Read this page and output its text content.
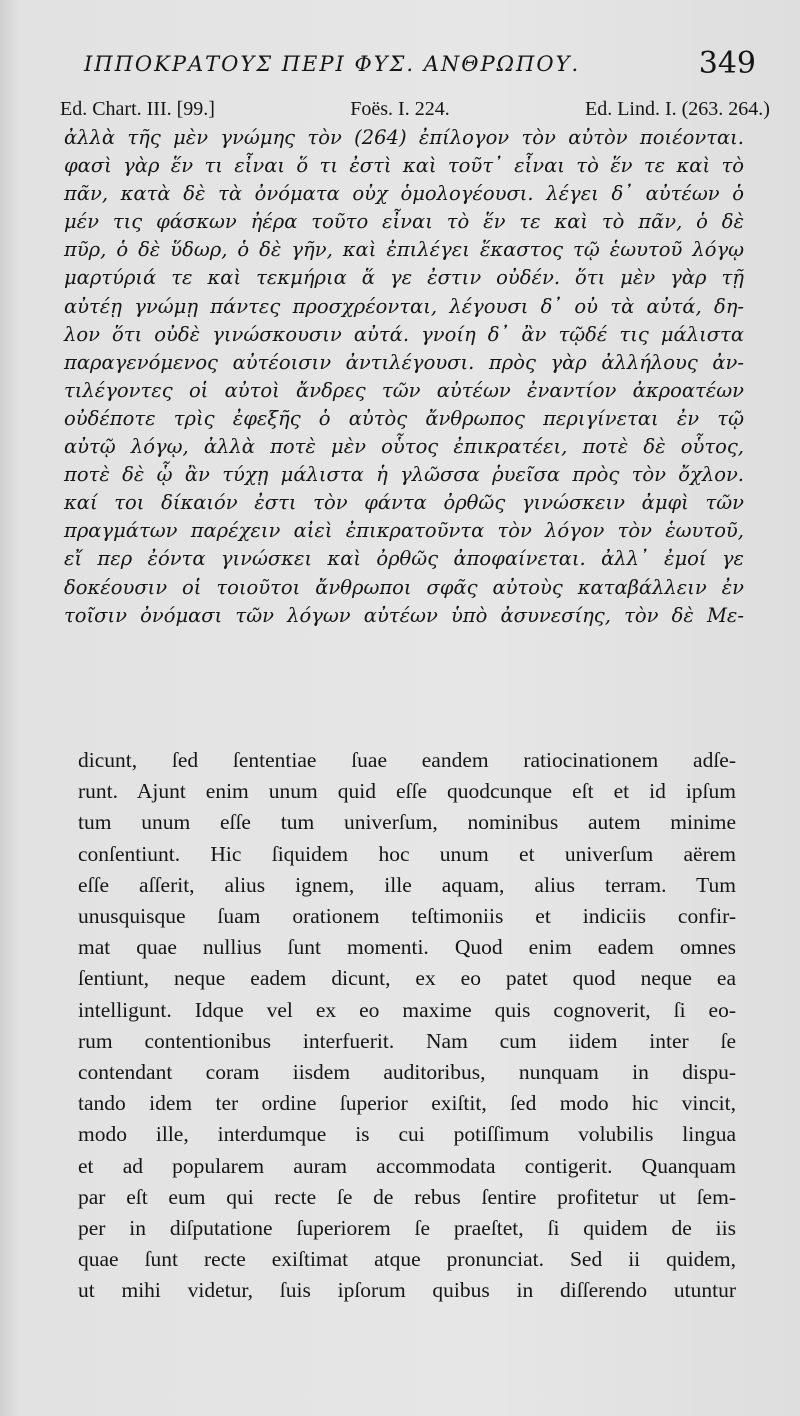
ΙΠΠΟΚΡΑΤΟΥΣ ΠΕΡΙ ΦΥΣ. ΑΝΘΡΩΠΟΥ.	349
Ed. Chart. III. [99.]	Foës. I. 224.	Ed. Lind. I. (263. 264.)
ἀλλὰ τῆς μὲν γνώμης τὸν (264) ἐπίλογον τὸν αὐτὸν ποιέονται.
φασὶ γὰρ ἕν τι εἶναι ὅ τι ἐστὶ καὶ τοῦτ᾽ εἶναι τὸ ἕν τε καὶ τὸ
πᾶν, κατὰ δὲ τὰ ὀνόματα οὐχ ὁμολογέουσι. λέγει δ᾽ αὐτέων ὁ
μέν τις φάσκων ἠέρα τοῦτο εἶναι τὸ ἕν τε καὶ τὸ πᾶν, ὁ δὲ
πῦρ, ὁ δὲ ὕδωρ, ὁ δὲ γῆν, καὶ ἐπιλέγει ἕκαστος τῷ ἑωυτοῦ λόγῳ
μαρτύριά τε καὶ τεκμήρια ἅ γε ἐστιν οὐδέν. ὅτι μὲν γὰρ τῇ
αὐτέῃ γνώμῃ πάντες προσχρέονται, λέγουσι δ᾽ οὐ τὰ αὐτά, δη-
λον ὅτι οὐδὲ γινώσκουσιν αὐτά. γνοίη δ᾽ ἂν τῷδέ τις μάλιστα
παραγενόμενος αὐτέοισιν ἀντιλέγουσι. πρὸς γὰρ ἀλλήλους ἀν-
τιλέγοντες οἱ αὐτοὶ ἄνδρες τῶν αὐτέων ἐναντίον ἀκροατέων
οὐδέποτε τρὶς ἐφεξῆς ὁ αὐτὸς ἄνθρωπος περιγίνεται ἐν τῷ
αὐτῷ λόγῳ, ἀλλὰ ποτὲ μὲν οὗτος ἐπικρατέει, ποτὲ δὲ οὗτος,
ποτὲ δὲ ᾧ ἂν τύχῃ μάλιστα ἡ γλῶσσα ῥυεῖσα πρὸς τὸν ὄχλον.
καί τοι δίκαιόν ἐστι τὸν φάντα ὀρθῶς γινώσκειν ἀμφὶ τῶν
πραγμάτων παρέχειν αἰεὶ ἐπικρατοῦντα τὸν λόγον τὸν ἑωυτοῦ,
εἴ περ ἐόντα γινώσκει καὶ ὀρθῶς ἀποφαίνεται. ἀλλ᾽ ἐμοί γε
δοκέουσιν οἱ τοιοῦτοι ἄνθρωποι σφᾶς αὐτοὺς καταβάλλειν ἐν
τοῖσιν ὀνόμασι τῶν λόγων αὐτέων ὑπὸ ἀσυνεσίης, τὸν δὲ Με-
dicunt, ſed ſententiae ſuae eandem ratiocinationem adſe-
runt. Ajunt enim unum quid eſſe quodcunque eſt et id ipſum
tum unum eſſe tum univerſum, nominibus autem minime
conſentiunt. Hic ſiquidem hoc unum et univerſum aërem
eſſe aſſerit, alius ignem, ille aquam, alius terram. Tum
unusquisque ſuam orationem teſtimoniis et indiciis confir-
mat quae nullius ſunt momenti. Quod enim eadem omnes
ſentiunt, neque eadem dicunt, ex eo patet quod neque ea
intelligunt. Idque vel ex eo maxime quis cognoverit, ſi eo-
rum contentionibus interfuerit. Nam cum iidem inter ſe
contendant coram iisdem auditoribus, nunquam in dispu-
tando idem ter ordine ſuperior exiſtit, ſed modo hic vincit,
modo ille, interdumque is cui potiſſimum volubilis lingua
et ad popularem auram accommodata contigerit. Quanquam
par eſt eum qui recte ſe de rebus ſentire profitetur ut ſem-
per in diſputatione ſuperiorem ſe praeſtet, ſi quidem de iis
quae ſunt recte exiſtimat atque pronunciat. Sed ii quidem,
ut mihi videtur, ſuis ipſorum quibus in diſſerendo utuntur
